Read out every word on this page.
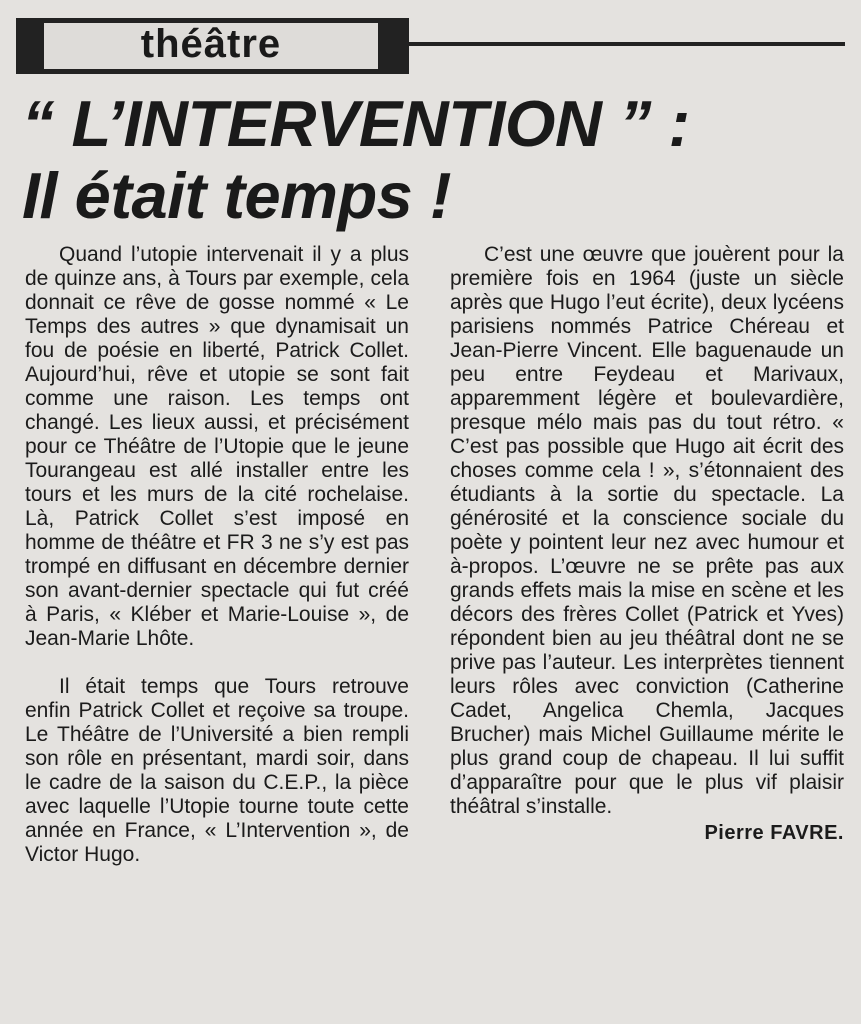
théâtre
“ L’INTERVENTION ” :
Il était temps !

Quand l’utopie intervenait il y a plus de quinze ans, à Tours par exemple, cela donnait ce rêve de gosse nommé « Le Temps des autres » que dynamisait un fou de poésie en liberté, Patrick Collet. Aujourd’hui, rêve et utopie se sont fait comme une raison. Les temps ont changé. Les lieux aussi, et précisément pour ce Théâtre de l’Utopie que le jeune Tourangeau est allé installer entre les tours et les murs de la cité rochelaise. Là, Patrick Collet s’est imposé en homme de théâtre et FR 3 ne s’y est pas trompé en diffusant en décembre dernier son avant-dernier spectacle qui fut créé à Paris, « Kléber et Marie-Louise », de Jean-Marie Lhôte.

Il était temps que Tours retrouve enfin Patrick Collet et reçoive sa troupe. Le Théâtre de l’Université a bien rempli son rôle en présentant, mardi soir, dans le cadre de la saison du C.E.P., la pièce avec laquelle l’Utopie tourne toute cette année en France, « L’Intervention », de Victor Hugo.

C’est une œuvre que jouèrent pour la première fois en 1964 (juste un siècle après que Hugo l’eut écrite), deux lycéens parisiens nommés Patrice Chéreau et Jean-Pierre Vincent. Elle baguenaude un peu entre Feydeau et Marivaux, apparemment légère et boulevardière, presque mélo mais pas du tout rétro. « C’est pas possible que Hugo ait écrit des choses comme cela ! », s’étonnaient des étudiants à la sortie du spectacle. La générosité et la conscience sociale du poète y pointent leur nez avec humour et à-propos. L’œuvre ne se prête pas aux grands effets mais la mise en scène et les décors des frères Collet (Patrick et Yves) répondent bien au jeu théâtral dont ne se prive pas l’auteur. Les interprètes tiennent leurs rôles avec conviction (Catherine Cadet, Angelica Chemla, Jacques Brucher) mais Michel Guillaume mérite le plus grand coup de chapeau. Il lui suffit d’apparaître pour que le plus vif plaisir théâtral s’installe.

Pierre FAVRE.
